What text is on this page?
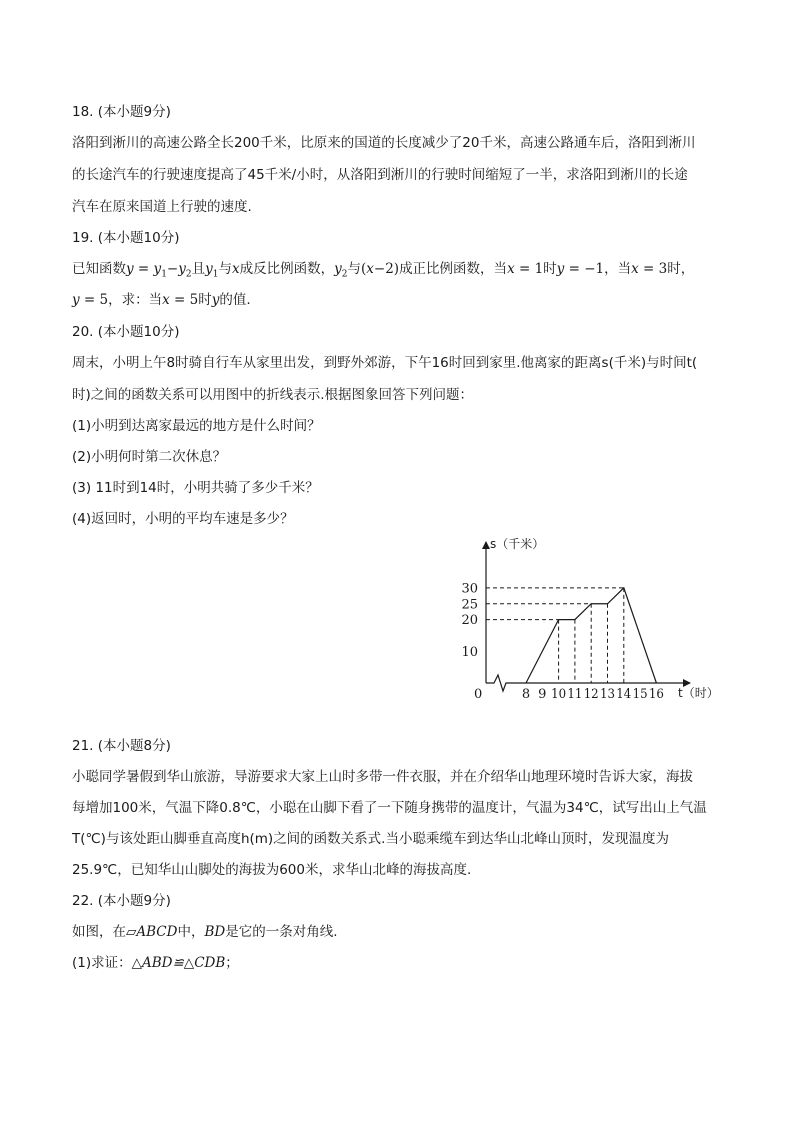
18. (本小题9分)
洛阳到淅川的高速公路全长200千米，比原来的国道的长度减少了20千米，高速公路通车后，洛阳到淅川
的长途汽车的行驶速度提高了45千米/小时，从洛阳到淅川的行驶时间缩短了一半，求洛阳到淅川的长途
汽车在原来国道上行驶的速度.
19. (本小题10分)
已知函数$y = y_1-y_2$且$y_1$与x成反比例函数，$y_2$与(x−2)成正比例函数，当x = 1时y = −1，当x = 3时，
y = 5，求：当x = 5时y的值.
20. (本小题10分)
周末，小明上午8时骑自行车从家里出发，到野外郊游，下午16时回到家里.他离家的距离s(千米)与时间t(
时)之间的函数关系可以用图中的折线表示.根据图象回答下列问题：
(1)小明到达离家最远的地方是什么时间？
(2)小明何时第二次休息？
(3) 11时到14时，小明共骑了多少千米？
(4)返回时，小明的平均车速是多少？
s（千米）
t（时）
10
20
25
30
0	8 9 10 11 12 13 14 15 16
21. (本小题8分)
小聪同学暑假到华山旅游，导游要求大家上山时多带一件衣服，并在介绍华山地理环境时告诉大家，海拔
每增加100米，气温下降0.8℃，小聪在山脚下看了一下随身携带的温度计，气温为34℃，试写出山上气温
T(℃)与该处距山脚垂直高度h(m)之间的函数关系式.当小聪乘缆车到达华山北峰山顶时，发现温度为
25.9℃，已知华山山脚处的海拔为600米，求华山北峰的海拔高度.
22. (本小题9分)
如图，在▱ABCD中，BD是它的一条对角线.
(1)求证：△ABD≌△CDB；
